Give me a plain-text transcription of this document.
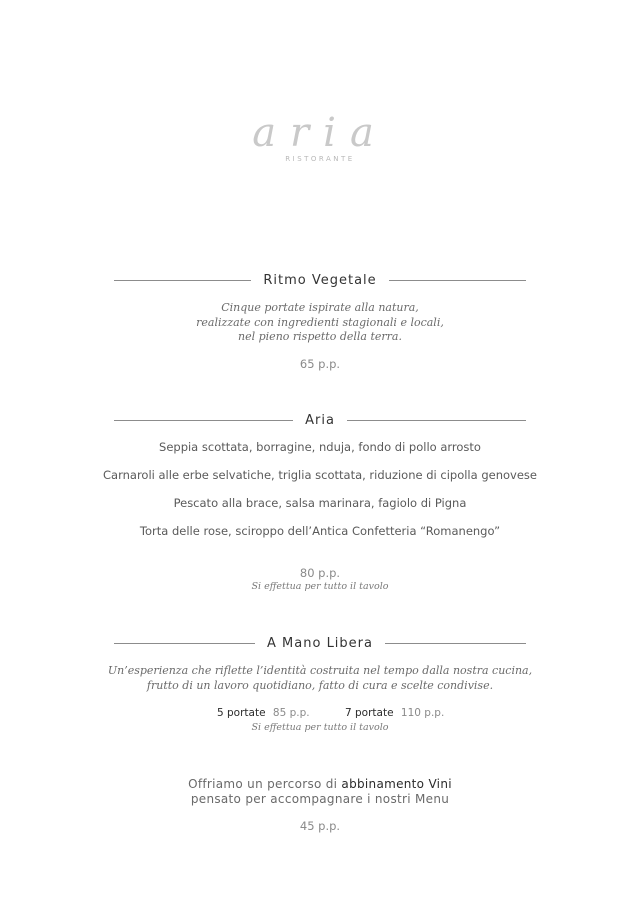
aria
RISTORANTE
Ritmo Vegetale
Cinque portate ispirate alla natura,
realizzate con ingredienti stagionali e locali,
nel pieno rispetto della terra.
65 p.p.
Aria
Seppia scottata, borragine, nduja, fondo di pollo arrosto
Carnaroli alle erbe selvatiche, triglia scottata, riduzione di cipolla genovese
Pescato alla brace, salsa marinara, fagiolo di Pigna
Torta delle rose, sciroppo dell’Antica Confetteria “Romanengo”
80 p.p.
Si effettua per tutto il tavolo
A Mano Libera
Un’esperienza che riflette l’identità costruita nel tempo dalla nostra cucina,
frutto di un lavoro quotidiano, fatto di cura e scelte condivise.
5 portate 85 p.p.	7 portate 110 p.p.
Si effettua per tutto il tavolo
Offriamo un percorso di abbinamento Vini
pensato per accompagnare i nostri Menu
45 p.p.
